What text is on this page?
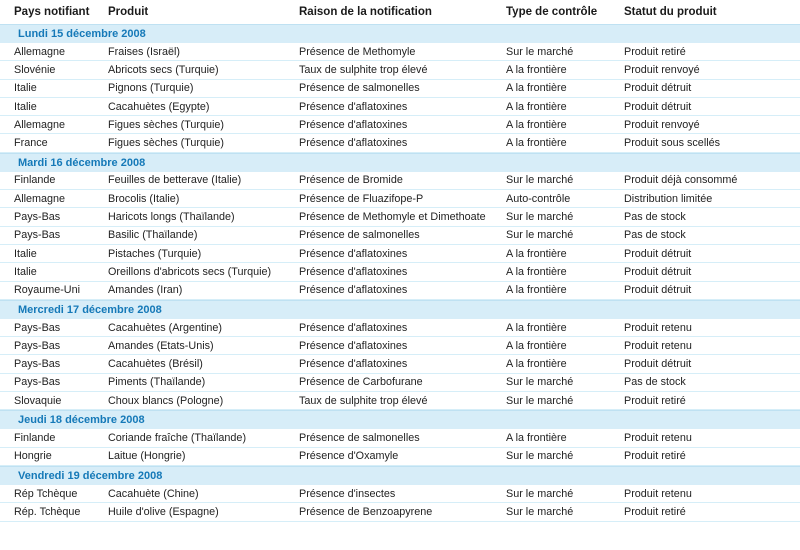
Pays notifiant	Produit	Raison de la notification	Type de contrôle	Statut du produit
Lundi 15 décembre 2008
Allemagne	Fraises (Israël)	Présence de Methomyle	Sur le marché	Produit retiré
Slovénie	Abricots secs (Turquie)	Taux de sulphite trop élevé	A la frontière	Produit renvoyé
Italie	Pignons (Turquie)	Présence de salmonelles	A la frontière	Produit détruit
Italie	Cacahuètes (Egypte)	Présence d'aflatoxines	A la frontière	Produit détruit
Allemagne	Figues sèches (Turquie)	Présence d'aflatoxines	A la frontière	Produit renvoyé
France	Figues sèches (Turquie)	Présence d'aflatoxines	A la frontière	Produit sous scellés
Mardi 16 décembre 2008
Finlande	Feuilles de betterave (Italie)	Présence de Bromide	Sur le marché	Produit déjà consommé
Allemagne	Brocolis (Italie)	Présence de Fluazifope-P	Auto-contrôle	Distribution limitée
Pays-Bas	Haricots longs (Thaïlande)	Présence de Methomyle et Dimethoate	Sur le marché	Pas de stock
Pays-Bas	Basilic (Thaïlande)	Présence de salmonelles	Sur le marché	Pas de stock
Italie	Pistaches (Turquie)	Présence d'aflatoxines	A la frontière	Produit détruit
Italie	Oreillons d'abricots secs (Turquie)	Présence d'aflatoxines	A la frontière	Produit détruit
Royaume-Uni	Amandes (Iran)	Présence d'aflatoxines	A la frontière	Produit détruit
Mercredi 17 décembre 2008
Pays-Bas	Cacahuètes (Argentine)	Présence d'aflatoxines	A la frontière	Produit retenu
Pays-Bas	Amandes (Etats-Unis)	Présence d'aflatoxines	A la frontière	Produit retenu
Pays-Bas	Cacahuètes (Brésil)	Présence d'aflatoxines	A la frontière	Produit détruit
Pays-Bas	Piments (Thaïlande)	Présence de Carbofurane	Sur le marché	Pas de stock
Slovaquie	Choux blancs (Pologne)	Taux de sulphite trop élevé	Sur le marché	Produit retiré
Jeudi 18 décembre 2008
Finlande	Coriande fraîche (Thaïlande)	Présence de salmonelles	A la frontière	Produit retenu
Hongrie	Laitue (Hongrie)	Présence d'Oxamyle	Sur le marché	Produit retiré
Vendredi 19 décembre 2008
Rép Tchèque	Cacahuète (Chine)	Présence d'insectes	Sur le marché	Produit retenu
Rép. Tchèque	Huile d'olive (Espagne)	Présence de Benzoapyrene	Sur le marché	Produit retiré
